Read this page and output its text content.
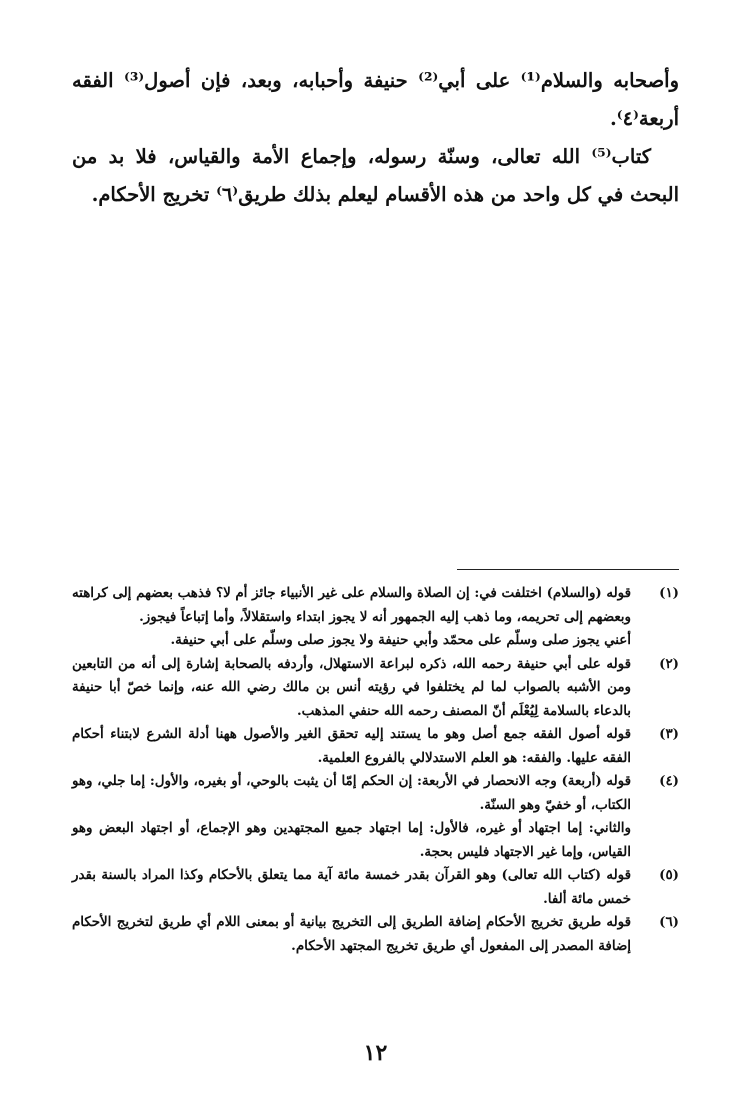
وأصحابه والسلام⁽¹⁾ على أبي⁽²⁾ حنيفة وأحبابه، وبعد، فإن أصول⁽³⁾ الفقه أربعة⁽٤⁾.

كتاب⁽⁵⁾ الله تعالى، وسنّة رسوله، وإجماع الأمة والقياس، فلا بد من البحث في كل واحد من هذه الأقسام ليعلم بذلك طريق⁽٦⁾ تخريج الأحكام.

(١)
قوله (والسلام) اختلفت في: إن الصلاة والسلام على غير الأنبياء جائز أم لا؟ فذهب بعضهم إلى كراهته وبعضهم إلى تحريمه، وما ذهب إليه الجمهور أنه لا يجوز ابتداء واستقلالاً، وأما إتباعاً فيجوز.
أعني يجوز صلى وسلّم على محمّد وأبي حنيفة ولا يجوز صلى وسلّم على أبي حنيفة.
(٢)
قوله على أبي حنيفة رحمه الله، ذكره لبراعة الاستهلال، وأردفه بالصحابة إشارة إلى أنه من التابعين ومن الأشبه بالصواب لما لم يختلفوا في رؤيته أنس بن مالك رضي الله عنه، وإنما خصّ أبا حنيفة بالدعاء بالسلامة لِيُعْلَم أنّ المصنف رحمه الله حنفي المذهب.
(٣)
قوله أصول الفقه جمع أصل وهو ما يستند إليه تحقق الغير والأصول ههنا أدلة الشرع لابتناء أحكام الفقه عليها. والفقه: هو العلم الاستدلالي بالفروع العلمية.
(٤)
قوله (أربعة) وجه الانحصار في الأربعة: إن الحكم إمّا أن يثبت بالوحي، أو بغيره، والأول: إما جلي، وهو الكتاب، أو خفيّ وهو السنّة.
والثاني: إما اجتهاد أو غيره، فالأول: إما اجتهاد جميع المجتهدين وهو الإجماع، أو اجتهاد البعض وهو القياس، وإما غير الاجتهاد فليس بحجة.
(٥)
قوله (كتاب الله تعالى) وهو القرآن بقدر خمسة مائة آية مما يتعلق بالأحكام وكذا المراد بالسنة بقدر خمس مائة ألفا.
(٦)
قوله طريق تخريج الأحكام إضافة الطريق إلى التخريج بيانية أو بمعنى اللام أي طريق لتخريج الأحكام إضافة المصدر إلى المفعول أي طريق تخريج المجتهد الأحكام.
١٢
